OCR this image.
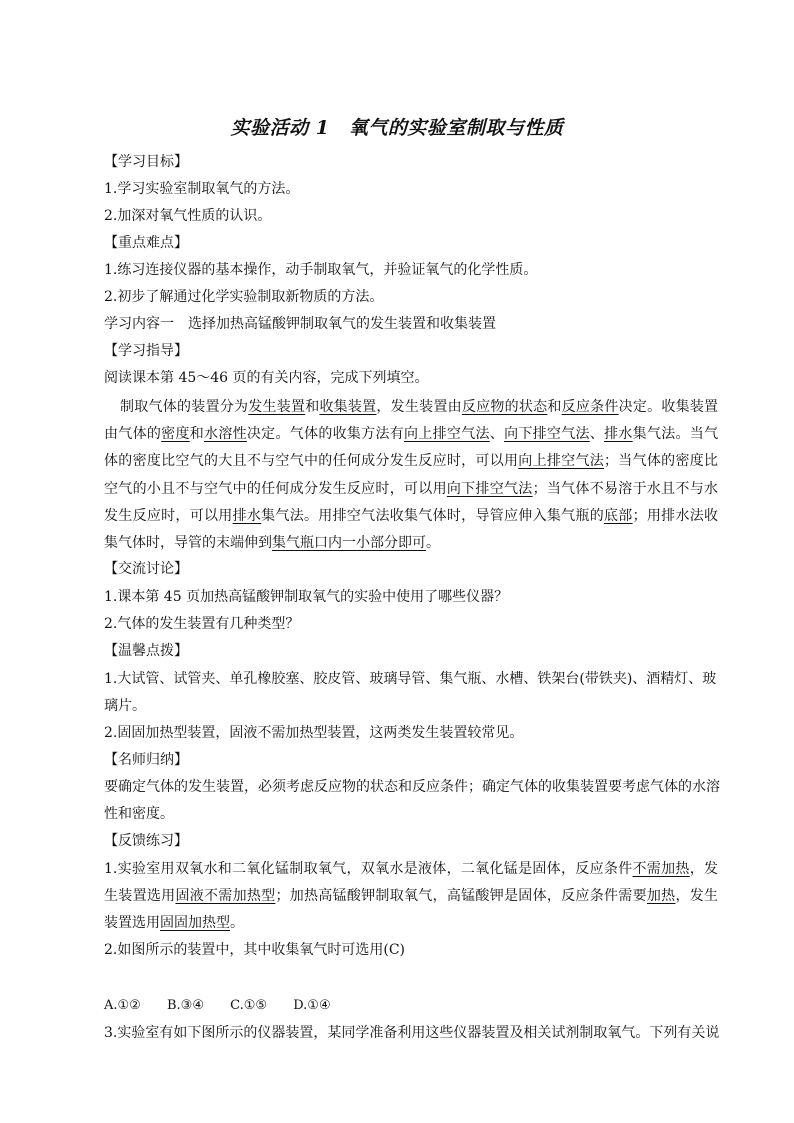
实验活动 1　氧气的实验室制取与性质
【学习目标】
1.学习实验室制取氧气的方法。
2.加深对氧气性质的认识。
【重点难点】
1.练习连接仪器的基本操作，动手制取氧气，并验证氧气的化学性质。
2.初步了解通过化学实验制取新物质的方法。
学习内容一　选择加热高锰酸钾制取氧气的发生装置和收集装置
【学习指导】
阅读课本第 45～46 页的有关内容，完成下列填空。

制取气体的装置分为发生装置和收集装置，发生装置由反应物的状态和反应条件决定。收集装置由气体的密度和水溶性决定。气体的收集方法有向上排空气法、向下排空气法、排水集气法。当气体的密度比空气的大且不与空气中的任何成分发生反应时，可以用向上排空气法；当气体的密度比空气的小且不与空气中的任何成分发生反应时，可以用向下排空气法；当气体不易溶于水且不与水发生反应时，可以用排水集气法。用排空气法收集气体时，导管应伸入集气瓶的底部；用排水法收集气体时，导管的末端伸到集气瓶口内一小部分即可。

【交流讨论】
1.课本第 45 页加热高锰酸钾制取氧气的实验中使用了哪些仪器？
2.气体的发生装置有几种类型？
【温馨点拨】
1.大试管、试管夹、单孔橡胶塞、胶皮管、玻璃导管、集气瓶、水槽、铁架台(带铁夹)、酒精灯、玻
璃片。
2.固固加热型装置，固液不需加热型装置，这两类发生装置较常见。
【名师归纳】
要确定气体的发生装置，必须考虑反应物的状态和反应条件；确定气体的收集装置要考虑气体的水溶
性和密度。
【反馈练习】

1.实验室用双氧水和二氧化锰制取氧气，双氧水是液体，二氧化锰是固体，反应条件不需加热，发生装置选用固液不需加热型；加热高锰酸钾制取氧气，高锰酸钾是固体，反应条件需要加热，发生装置选用固固加热型。

2.如图所示的装置中，其中收集氧气时可选用(C)
A.①② B.③④ C.①⑤ D.①④
3.实验室有如下图所示的仪器装置，某同学准备利用这些仪器装置及相关试剂制取氧气。下列有关说
